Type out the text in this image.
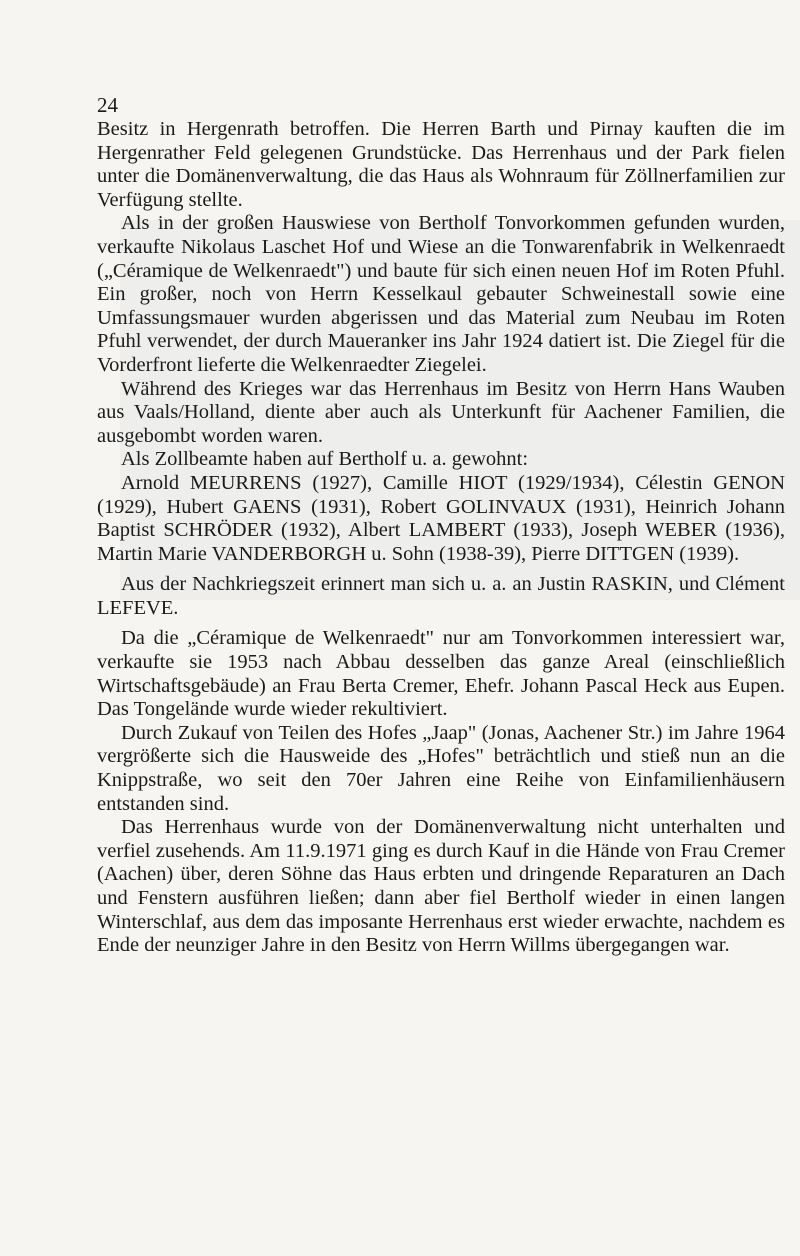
24

Besitz in Hergenrath betroffen. Die Herren Barth und Pirnay kauften die im Hergenrather Feld gelegenen Grundstücke. Das Herrenhaus und der Park fielen unter die Domänenverwaltung, die das Haus als Wohnraum für Zöllnerfamilien zur Verfügung stellte.

Als in der großen Hauswiese von Bertholf Tonvorkommen gefunden wurden, verkaufte Nikolaus Laschet Hof und Wiese an die Tonwarenfabrik in Welkenraedt („Céramique de Welkenraedt") und baute für sich einen neuen Hof im Roten Pfuhl. Ein großer, noch von Herrn Kesselkaul gebauter Schweinestall sowie eine Umfassungsmauer wurden abgerissen und das Material zum Neubau im Roten Pfuhl verwendet, der durch Maueranker ins Jahr 1924 datiert ist. Die Ziegel für die Vorderfront lieferte die Welkenraedter Ziegelei.

Während des Krieges war das Herrenhaus im Besitz von Herrn Hans Wauben aus Vaals/Holland, diente aber auch als Unterkunft für Aachener Familien, die ausgebombt worden waren.

Als Zollbeamte haben auf Bertholf u. a. gewohnt:

Arnold MEURRENS (1927), Camille HIOT (1929/1934), Célestin GENON (1929), Hubert GAENS (1931), Robert GOLINVAUX (1931), Heinrich Johann Baptist SCHRÖDER (1932), Albert LAMBERT (1933), Joseph WEBER (1936), Martin Marie VANDERBORGH u. Sohn (1938-39), Pierre DITTGEN (1939).

Aus der Nachkriegszeit erinnert man sich u. a. an Justin RASKIN, und Clément LEFEVE.

Da die „Céramique de Welkenraedt" nur am Tonvorkommen interessiert war, verkaufte sie 1953 nach Abbau desselben das ganze Areal (einschließlich Wirtschaftsgebäude) an Frau Berta Cremer, Ehefr. Johann Pascal Heck aus Eupen. Das Tongelände wurde wieder rekultiviert.

Durch Zukauf von Teilen des Hofes „Jaap" (Jonas, Aachener Str.) im Jahre 1964 vergrößerte sich die Hausweide des „Hofes" beträchtlich und stieß nun an die Knippstraße, wo seit den 70er Jahren eine Reihe von Einfamilienhäusern entstanden sind.

Das Herrenhaus wurde von der Domänenverwaltung nicht unterhalten und verfiel zusehends. Am 11.9.1971 ging es durch Kauf in die Hände von Frau Cremer (Aachen) über, deren Söhne das Haus erbten und dringende Reparaturen an Dach und Fenstern ausführen ließen; dann aber fiel Bertholf wieder in einen langen Winterschlaf, aus dem das imposante Herrenhaus erst wieder erwachte, nachdem es Ende der neunziger Jahre in den Besitz von Herrn Willms übergegangen war.
